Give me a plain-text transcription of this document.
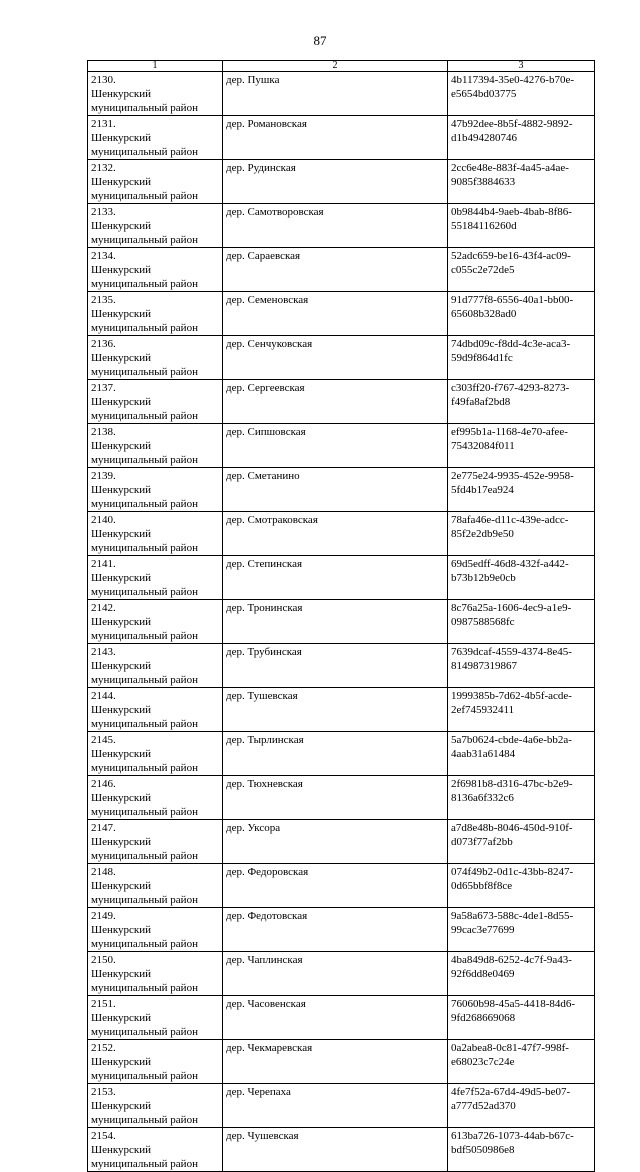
87
1	2	3

2130.
Шенкурский
муниципальный район	дер. Пушка	4b117394-35e0-4276-b70e-
e5654bd03775

2131.
Шенкурский
муниципальный район	дер. Романовская	47b92dee-8b5f-4882-9892-
d1b494280746

2132.
Шенкурский
муниципальный район	дер. Рудинская	2cc6e48e-883f-4a45-a4ae-
9085f3884633

2133.
Шенкурский
муниципальный район	дер. Самотворовская	0b9844b4-9aeb-4bab-8f86-
55184116260d

2134.
Шенкурский
муниципальный район	дер. Сараевская	52adc659-be16-43f4-ac09-
c055c2e72de5

2135.
Шенкурский
муниципальный район	дер. Семеновская	91d777f8-6556-40a1-bb00-
65608b328ad0

2136.
Шенкурский
муниципальный район	дер. Сенчуковская	74dbd09c-f8dd-4c3e-aca3-
59d9f864d1fc

2137.
Шенкурский
муниципальный район	дер. Сергеевская	c303ff20-f767-4293-8273-
f49fa8af2bd8

2138.
Шенкурский
муниципальный район	дер. Сипшовская	ef995b1a-1168-4e70-afee-
75432084f011

2139.
Шенкурский
муниципальный район	дер. Сметанино	2e775e24-9935-452e-9958-
5fd4b17ea924

2140.
Шенкурский
муниципальный район	дер. Смотраковская	78afa46e-d11c-439e-adcc-
85f2e2db9e50

2141.
Шенкурский
муниципальный район	дер. Степинская	69d5edff-46d8-432f-a442-
b73b12b9e0cb

2142.
Шенкурский
муниципальный район	дер. Тронинская	8c76a25a-1606-4ec9-a1e9-
0987588568fc

2143.
Шенкурский
муниципальный район	дер. Трубинская	7639dcaf-4559-4374-8e45-
814987319867

2144.
Шенкурский
муниципальный район	дер. Тушевская	1999385b-7d62-4b5f-acde-
2ef745932411

2145.
Шенкурский
муниципальный район	дер. Тырлинская	5a7b0624-cbde-4a6e-bb2a-
4aab31a61484

2146.
Шенкурский
муниципальный район	дер. Тюхневская	2f6981b8-d316-47bc-b2e9-
8136a6f332c6

2147.
Шенкурский
муниципальный район	дер. Уксора	a7d8e48b-8046-450d-910f-
d073f77af2bb

2148.
Шенкурский
муниципальный район	дер. Федоровская	074f49b2-0d1c-43bb-8247-
0d65bbf8f8ce

2149.
Шенкурский
муниципальный район	дер. Федотовская	9a58a673-588c-4de1-8d55-
99cac3e77699

2150.
Шенкурский
муниципальный район	дер. Чаплинская	4ba849d8-6252-4c7f-9a43-
92f6dd8e0469

2151.
Шенкурский
муниципальный район	дер. Часовенская	76060b98-45a5-4418-84d6-
9fd268669068

2152.
Шенкурский
муниципальный район	дер. Чекмаревская	0a2abea8-0c81-47f7-998f-
e68023c7c24e

2153.
Шенкурский
муниципальный район	дер. Черепаха	4fe7f52a-67d4-49d5-be07-
a777d52ad370

2154.
Шенкурский
муниципальный район	дер. Чушевская	613ba726-1073-44ab-b67c-
bdf5050986e8
